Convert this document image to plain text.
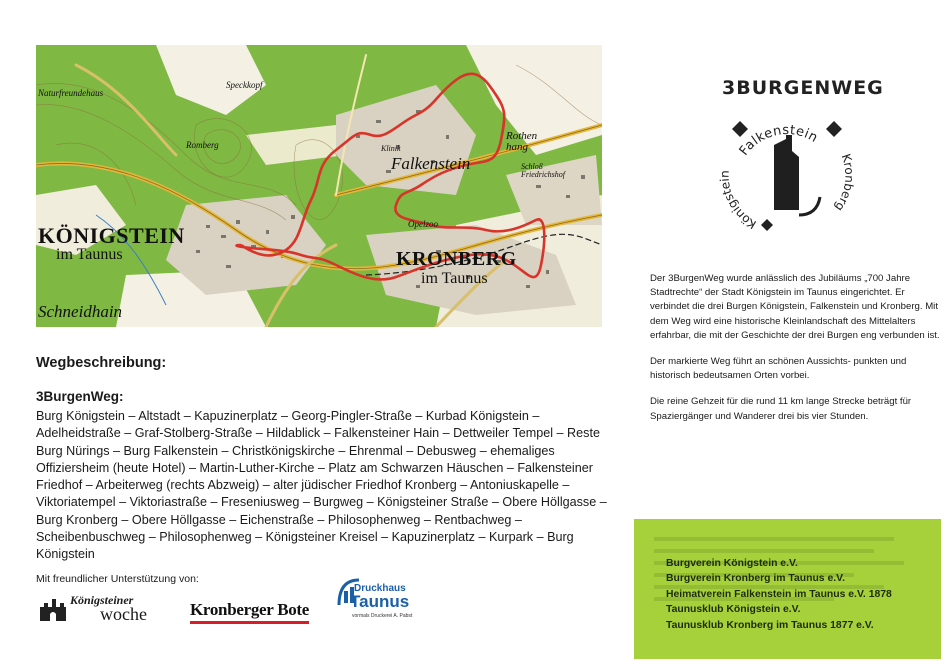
KÖNIGSTEIN
im Taunus	KRONBERG
im Taunus
Falkenstein
Schneidhain
Naturfreundehaus
Speckkopf
Rothen hang
Opelzoo
Schloß Friedrichshof
Klinik
Romberg

Wegbeschreibung:

3BurgenWeg:

Burg Königstein – Altstadt – Kapuzinerplatz – Georg-Pingler-Straße – Kurbad Königstein – Adelheidstraße – Graf-Stolberg-Straße – Hildablick – Falkensteiner Hain – Dettweiler Tempel – Reste Burg Nürings – Burg Falkenstein – Christkönigskirche – Ehrenmal – Debusweg – ehemaliges Offiziersheim (heute Hotel) – Martin-Luther-Kirche – Platz am Schwarzen Häuschen – Falkensteiner Friedhof – Arbeiterweg (rechts Abzweig) – alter jüdischer Friedhof Kronberg – Antoniuskapelle – Viktoriatempel – Viktoriastraße – Freseniusweg – Burgweg – Königsteiner Straße – Obere Höllgasse – Burg Kronberg – Obere Höllgasse – Eichenstraße – Philosophenweg – Rentbachweg – Scheibenbuschweg – Philosophenweg – Königsteiner Kreisel – Kapuzinerplatz – Kurpark – Burg Königstein

Mit freundlicher Unterstützung von:
Königsteiner
woche	Kronberger Bote
Druckhaus
Taunus
vormals Druckerei A. Pabst
3BURGENWEG
Falkenstein
Königstein
Kronberg

Der 3BurgenWeg wurde anlässlich des Jubiläums „700 Jahre Stadtrechte“ der Stadt Königstein im Taunus eingerichtet. Er verbindet die drei Burgen Königstein, Falkenstein und Kronberg. Mit dem Weg wird eine historische Kleinlandschaft des Mittelalters erfahrbar, die mit der Geschichte der drei Burgen eng verbunden ist.

Der markierte Weg führt an schönen Aussichts- punkten und historisch bedeutsamen Orten vorbei.

Die reine Gehzeit für die rund 11 km lange Strecke beträgt für Spaziergänger und Wanderer drei bis vier Stunden.

Burgverein Königstein e.V.
Burgverein Kronberg im Taunus e.V.
Heimatverein Falkenstein im Taunus e.V. 1878
Taunusklub Königstein e.V.
Taunusklub Kronberg im Taunus 1877 e.V.
